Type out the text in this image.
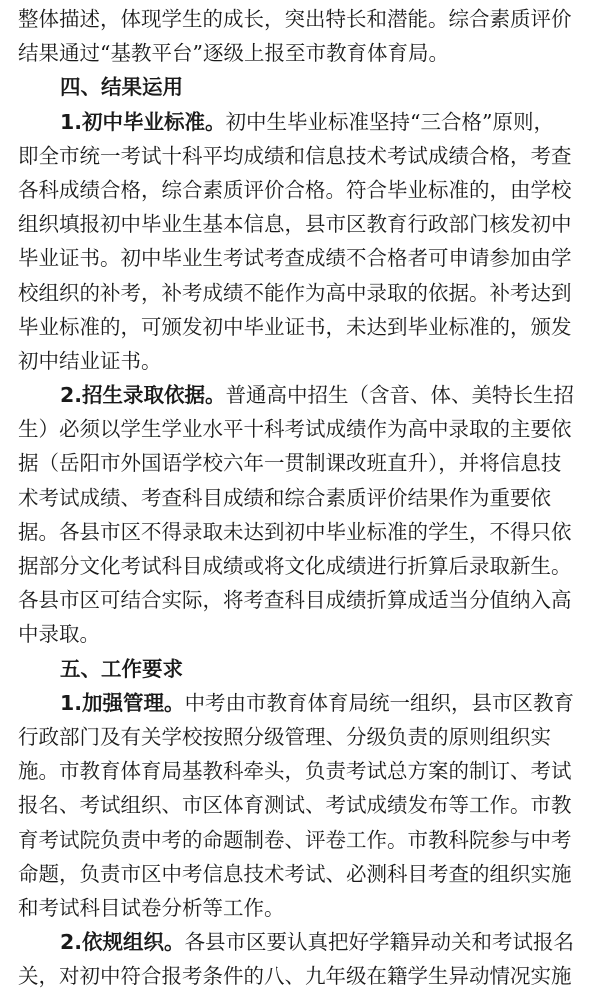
整体描述，体现学生的成长，突出特长和潜能。综合素质评价
结果通过“基教平台”逐级上报至市教育体育局。
四、结果运用
1.初中毕业标准。初中生毕业标准坚持“三合格”原则，
即全市统一考试十科平均成绩和信息技术考试成绩合格，考查
各科成绩合格，综合素质评价合格。符合毕业标准的，由学校
组织填报初中毕业生基本信息，县市区教育行政部门核发初中
毕业证书。初中毕业生考试考查成绩不合格者可申请参加由学
校组织的补考，补考成绩不能作为高中录取的依据。补考达到
毕业标准的，可颁发初中毕业证书，未达到毕业标准的，颁发
初中结业证书。
2.招生录取依据。普通高中招生（含音、体、美特长生招
生）必须以学生学业水平十科考试成绩作为高中录取的主要依
据（岳阳市外国语学校六年一贯制课改班直升），并将信息技
术考试成绩、考查科目成绩和综合素质评价结果作为重要依
据。各县市区不得录取未达到初中毕业标准的学生，不得只依
据部分文化考试科目成绩或将文化成绩进行折算后录取新生。
各县市区可结合实际，将考查科目成绩折算成适当分值纳入高
中录取。
五、工作要求
1.加强管理。中考由市教育体育局统一组织，县市区教育
行政部门及有关学校按照分级管理、分级负责的原则组织实
施。市教育体育局基教科牵头，负责考试总方案的制订、考试
报名、考试组织、市区体育测试、考试成绩发布等工作。市教
育考试院负责中考的命题制卷、评卷工作。市教科院参与中考
命题，负责市区中考信息技术考试、必测科目考查的组织实施
和考试科目试卷分析等工作。
2.依规组织。各县市区要认真把好学籍异动关和考试报名
关，对初中符合报考条件的八、九年级在籍学生异动情况实施
